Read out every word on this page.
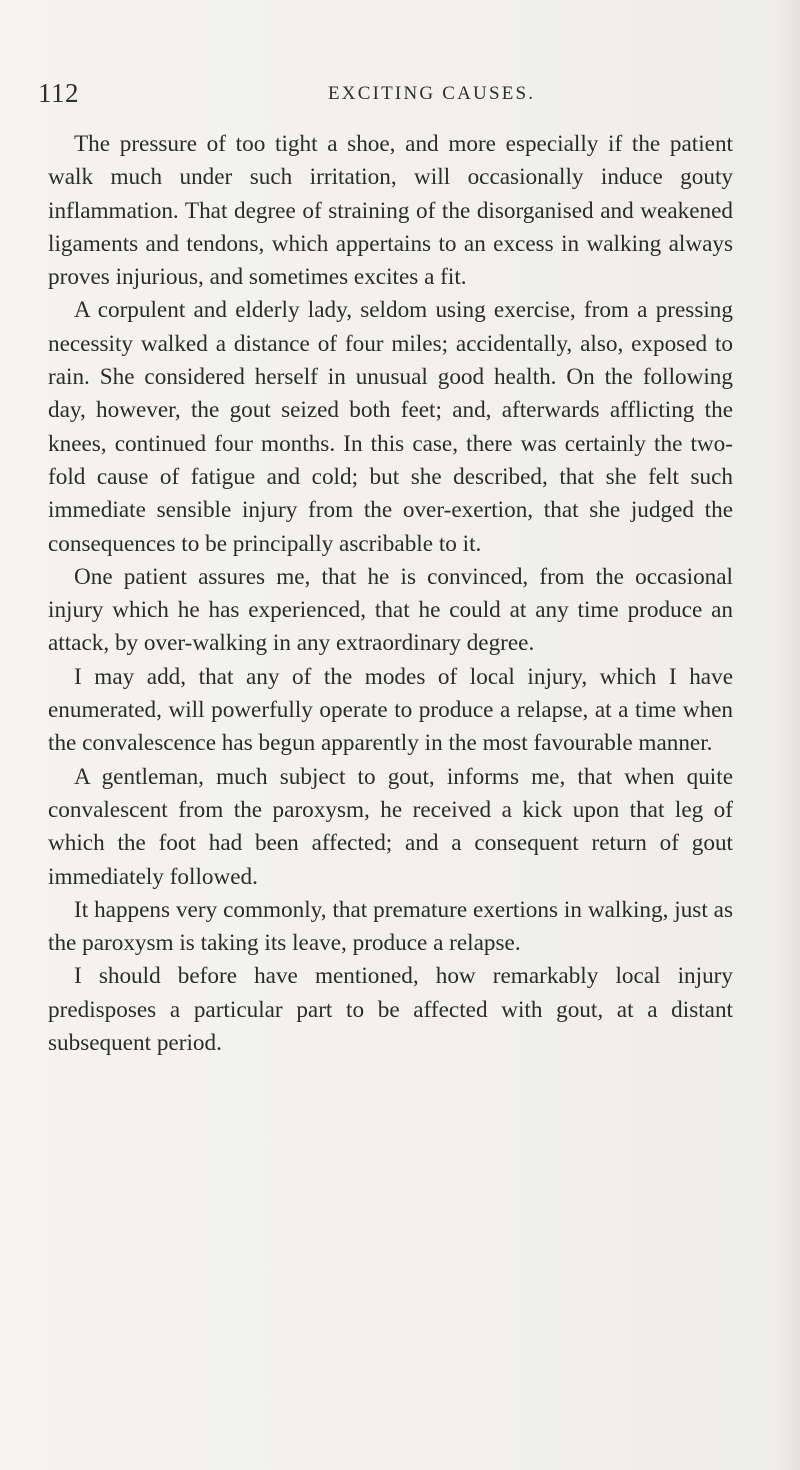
112	EXCITING CAUSES.

The pressure of too tight a shoe, and more especially if the patient walk much under such irritation, will occasionally induce gouty inflammation. That degree of straining of the disorganised and weakened ligaments and tendons, which appertains to an excess in walking always proves injurious, and sometimes excites a fit.

A corpulent and elderly lady, seldom using exercise, from a pressing necessity walked a distance of four miles; accidentally, also, exposed to rain. She considered herself in unusual good health. On the following day, however, the gout seized both feet; and, afterwards afflicting the knees, continued four months. In this case, there was certainly the two-fold cause of fatigue and cold; but she described, that she felt such immediate sensible injury from the over-exertion, that she judged the consequences to be principally ascribable to it.

One patient assures me, that he is convinced, from the occasional injury which he has experienced, that he could at any time produce an attack, by over-walking in any extraordinary degree.

I may add, that any of the modes of local injury, which I have enumerated, will powerfully operate to produce a relapse, at a time when the convalescence has begun apparently in the most favourable manner.

A gentleman, much subject to gout, informs me, that when quite convalescent from the paroxysm, he received a kick upon that leg of which the foot had been affected; and a consequent return of gout immediately followed.

It happens very commonly, that premature exertions in walking, just as the paroxysm is taking its leave, produce a relapse.

I should before have mentioned, how remarkably local injury predisposes a particular part to be affected with gout, at a distant subsequent period.
